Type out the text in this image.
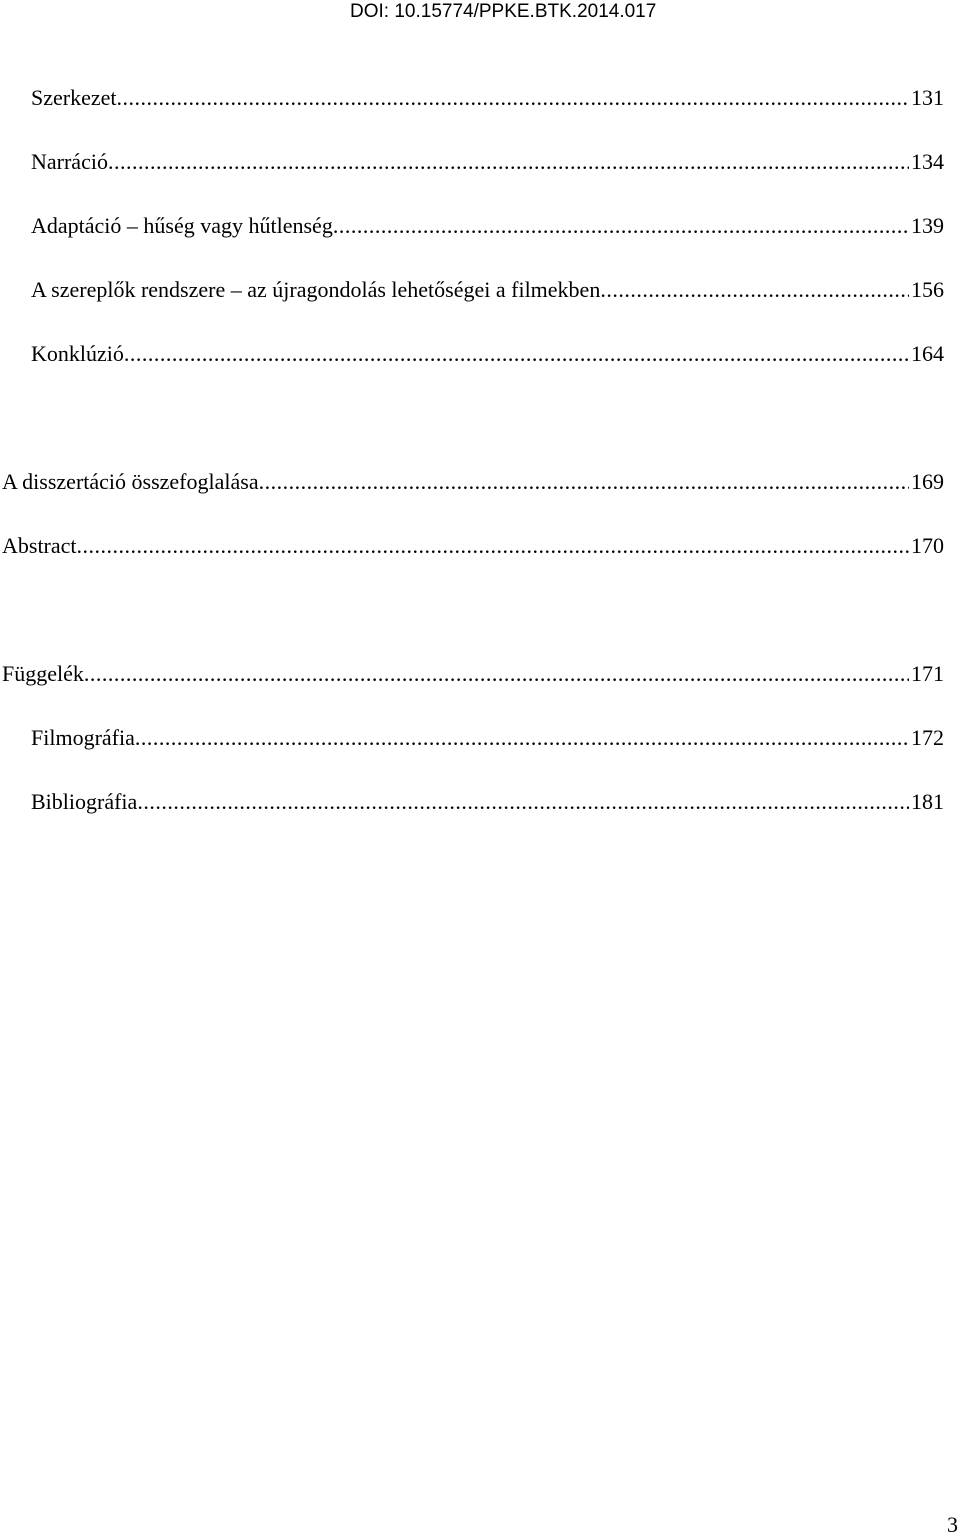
DOI: 10.15774/PPKE.BTK.2014.017
Szerkezet .....	131
Narráció .....	134
Adaptáció – hűség vagy hűtlenség .....	139
A szereplők rendszere – az újragondolás lehetőségei a filmekben .....	156
Konklúzió .....	164
A disszertáció összefoglalása .....	169
Abstract .....	170
Függelék .....	171
Filmográfia .....	172
Bibliográfia .....	181
3
